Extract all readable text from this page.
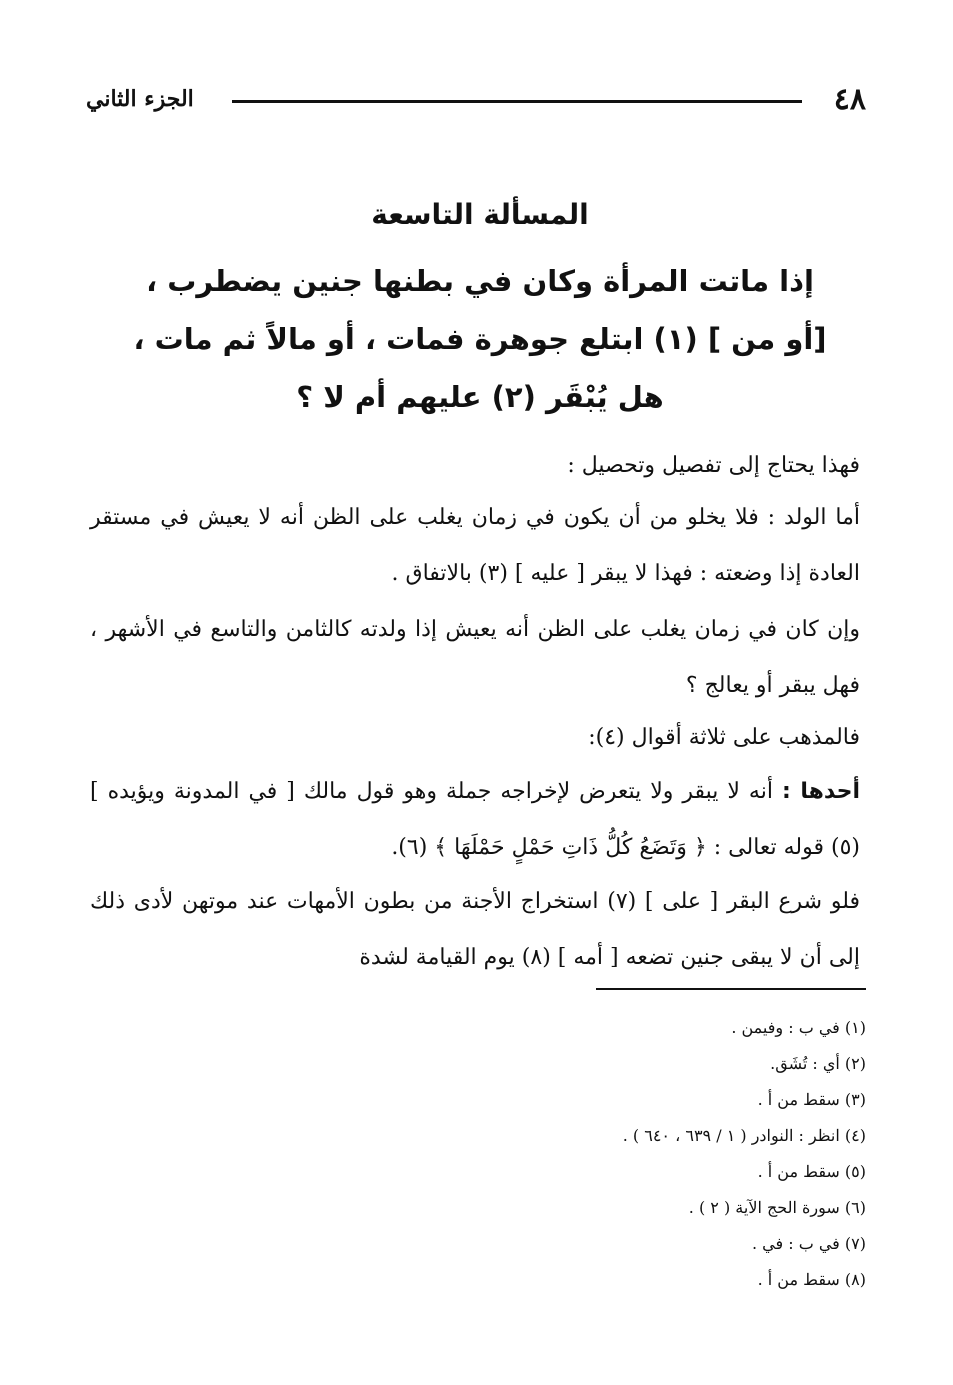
٤٨
الجزء الثاني
المسألة التاسعة
إذا ماتت المرأة وكان في بطنها جنين يضطرب ،
[أو من ] (١) ابتلع جوهرة فمات ، أو مالاً ثم مات ،
هل يُبْقَر (٢) عليهم أم لا ؟

فهذا يحتاج إلى تفصيل وتحصيل :

أما الولد : فلا يخلو من أن يكون في زمان يغلب على الظن أنه لا يعيش في مستقر العادة إذا وضعته : فهذا لا يبقر [ عليه ] (٣) بالاتفاق .

وإن كان في زمان يغلب على الظن أنه يعيش إذا ولدته كالثامن والتاسع في الأشهر ، فهل يبقر أو يعالج ؟

فالمذهب على ثلاثة أقوال (٤):

أحدها : أنه لا يبقر ولا يتعرض لإخراجه جملة وهو قول مالك [ في المدونة ويؤيده ] (٥) قوله تعالى : ﴿ وَتَضَعُ كُلُّ ذَاتِ حَمْلٍ حَمْلَهَا ﴾ (٦).

فلو شرع البقر [ على ] (٧) استخراج الأجنة من بطون الأمهات عند موتهن لأدى ذلك إلى أن لا يبقى جنين تضعه [ أمه ] (٨) يوم القيامة لشدة

(١) في ب : وفيمن .
(٢) أي : تُشَق.
(٣) سقط من أ .
(٤) انظر : النوادر ( ١ / ٦٣٩ ، ٦٤٠ ) .
(٥) سقط من أ .
(٦) سورة الحج الآية ( ٢ ) .
(٧) في ب : في .
(٨) سقط من أ .
